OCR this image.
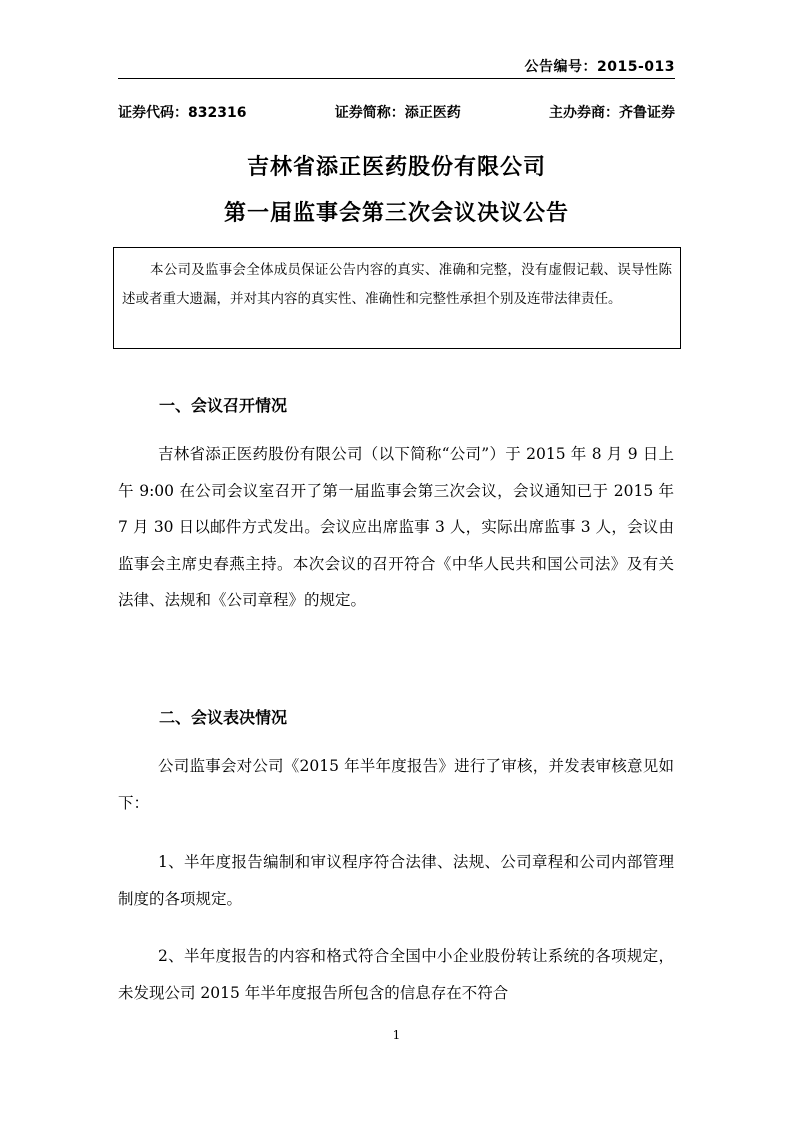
公告编号：2015-013
证券代码：832316	证券简称：添正医药	主办券商：齐鲁证券
吉林省添正医药股份有限公司
第一届监事会第三次会议决议公告
本公司及监事会全体成员保证公告内容的真实、准确和完整，没有虚假记载、误导性陈述或者重大遗漏，并对其内容的真实性、准确性和完整性承担个别及连带法律责任。
一、会议召开情况

吉林省添正医药股份有限公司（以下简称“公司”）于 2015 年 8 月 9 日上午 9:00 在公司会议室召开了第一届监事会第三次会议，会议通知已于 2015 年 7 月 30 日以邮件方式发出。会议应出席监事 3 人，实际出席监事 3 人，会议由监事会主席史春燕主持。本次会议的召开符合《中华人民共和国公司法》及有关法律、法规和《公司章程》的规定。

二、会议表决情况

公司监事会对公司《2015 年半年度报告》进行了审核，并发表审核意见如下：

1、半年度报告编制和审议程序符合法律、法规、公司章程和公司内部管理制度的各项规定。

2、半年度报告的内容和格式符合全国中小企业股份转让系统的各项规定，未发现公司 2015 年半年度报告所包含的信息存在不符合

1
